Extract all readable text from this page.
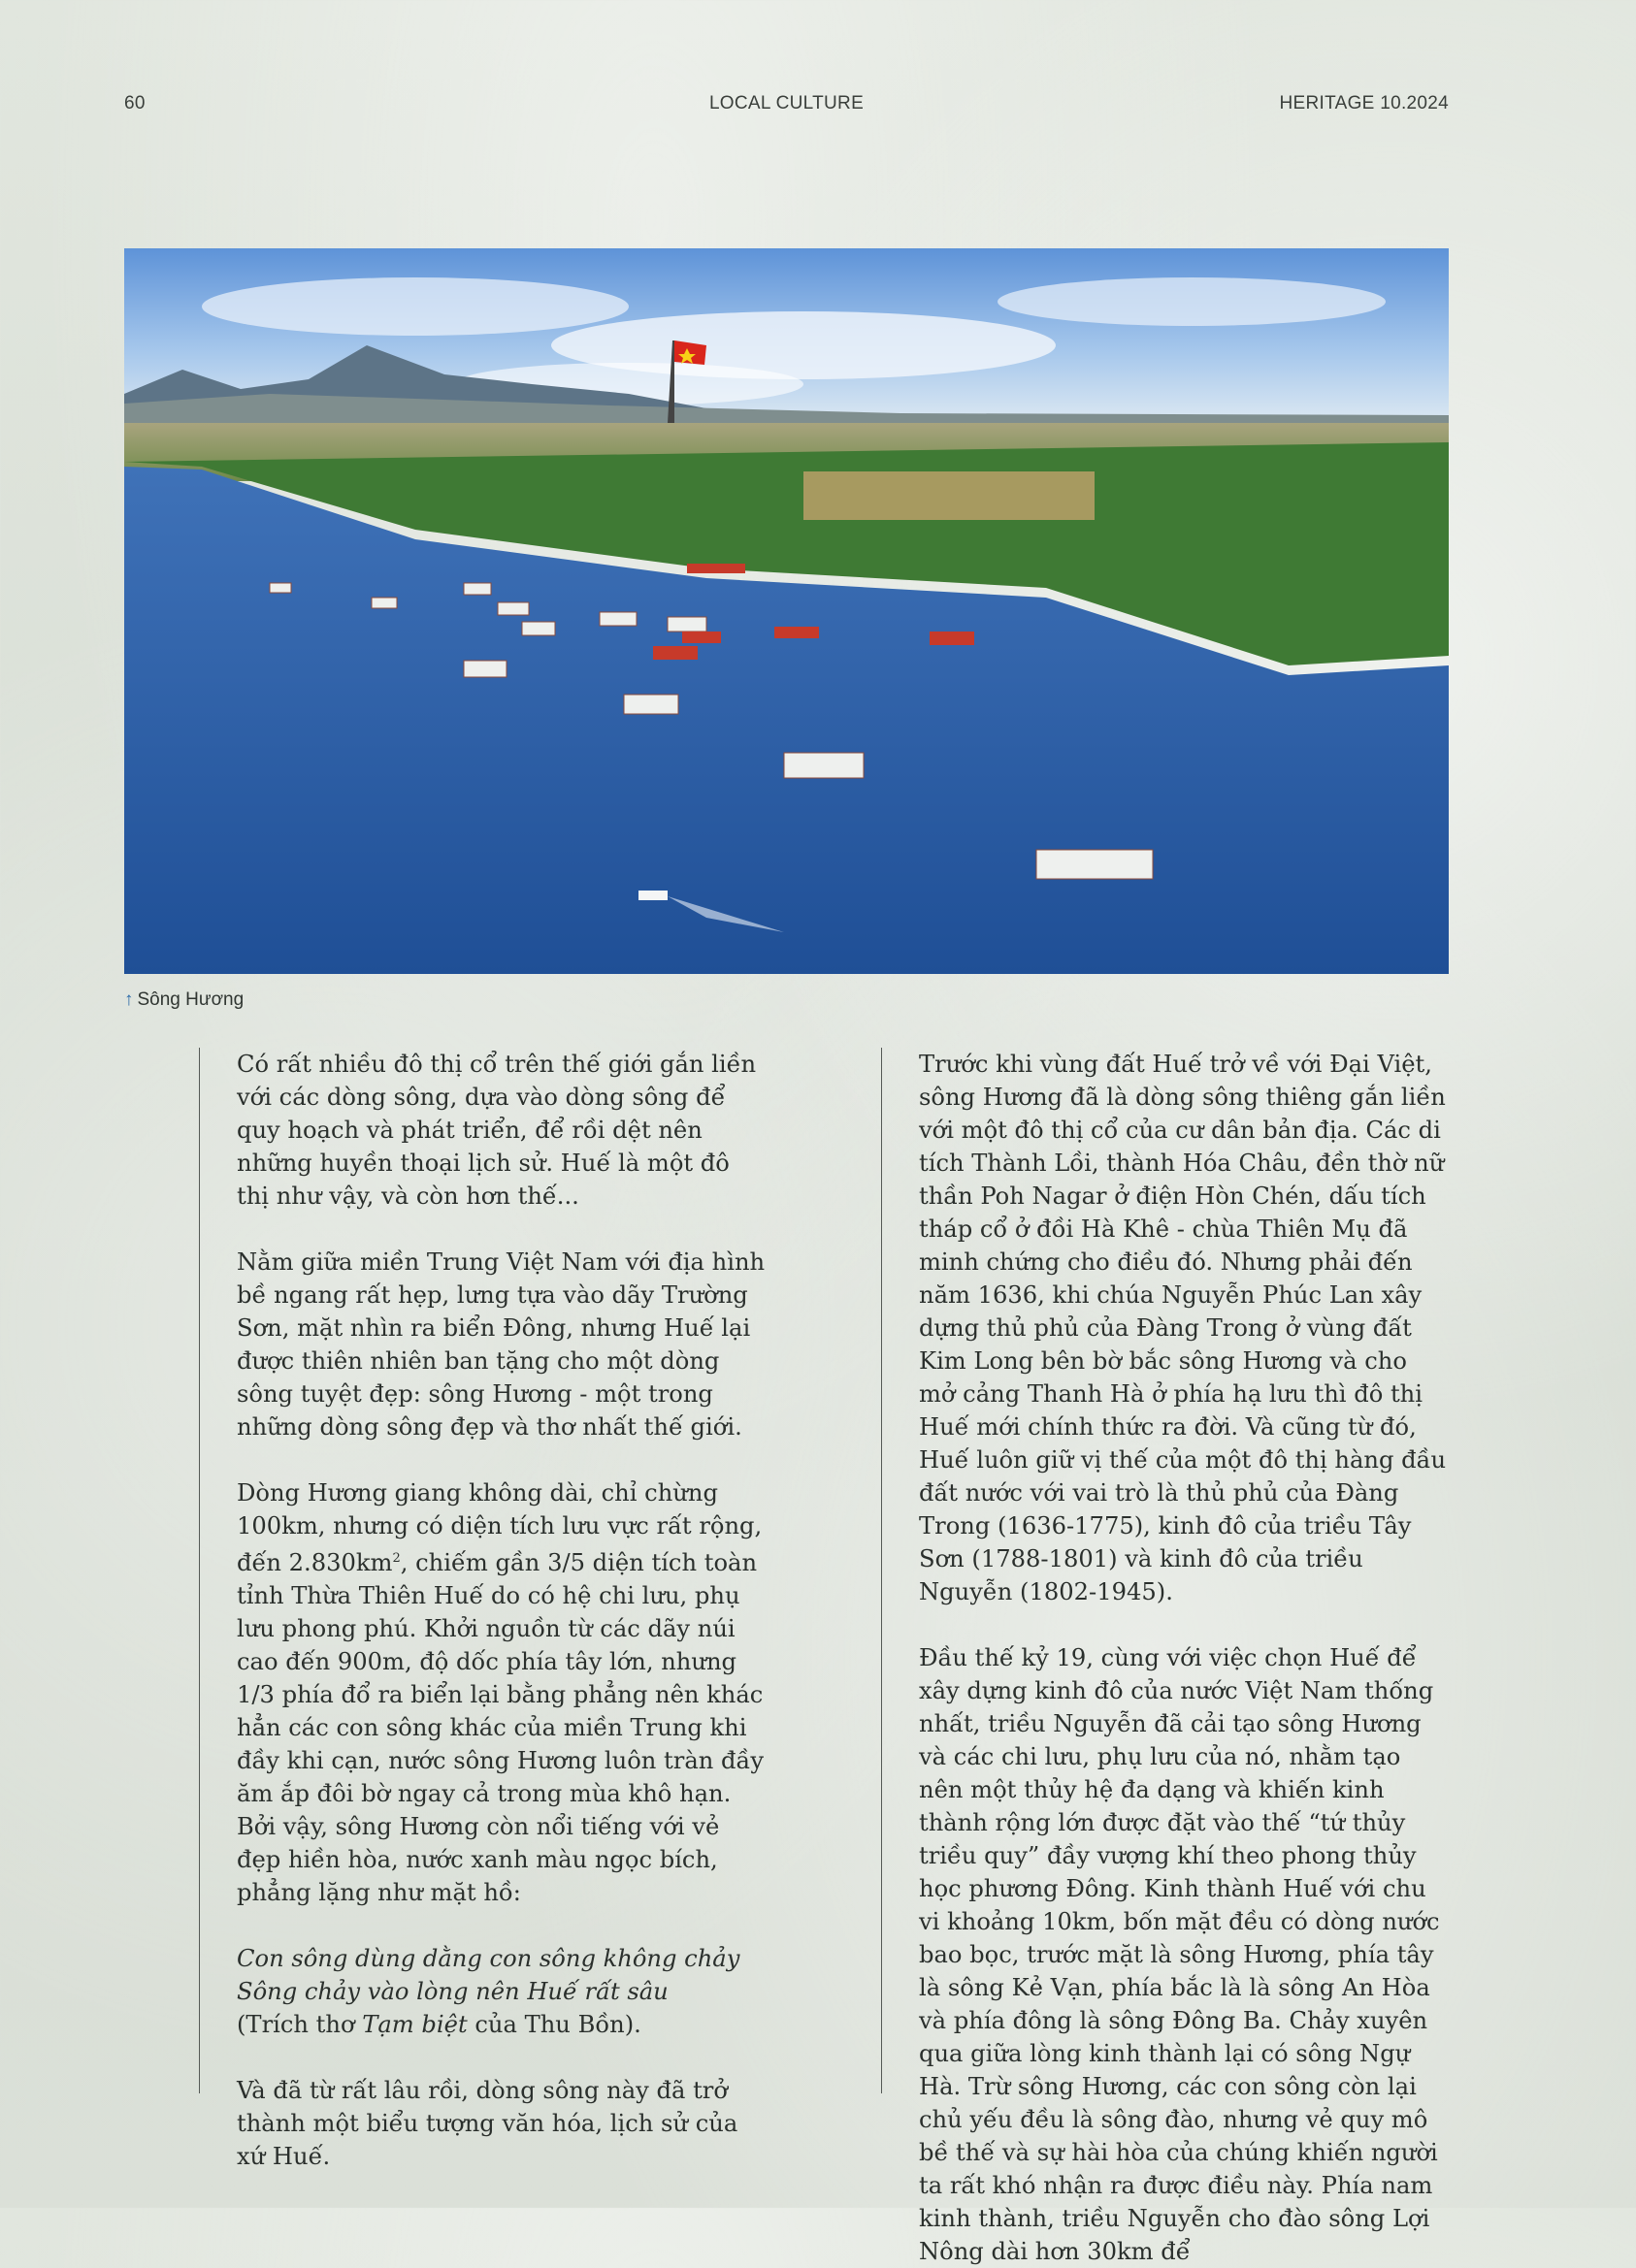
60	LOCAL CULTURE	HERITAGE 10.2024
↑ Sông Hương

Có rất nhiều đô thị cổ trên thế giới gắn liền với các dòng sông, dựa vào dòng sông để quy hoạch và phát triển, để rồi dệt nên những huyền thoại lịch sử. Huế là một đô thị như vậy, và còn hơn thế...

Nằm giữa miền Trung Việt Nam với địa hình bề ngang rất hẹp, lưng tựa vào dãy Trường Sơn, mặt nhìn ra biển Đông, nhưng Huế lại được thiên nhiên ban tặng cho một dòng sông tuyệt đẹp: sông Hương - một trong những dòng sông đẹp và thơ nhất thế giới.

Dòng Hương giang không dài, chỉ chừng 100km, nhưng có diện tích lưu vực rất rộng, đến $2.830km^2$, chiếm gần 3/5 diện tích toàn tỉnh Thừa Thiên Huế do có hệ chi lưu, phụ lưu phong phú. Khởi nguồn từ các dãy núi cao đến 900m, độ dốc phía tây lớn, nhưng 1/3 phía đổ ra biển lại bằng phẳng nên khác hẳn các con sông khác của miền Trung khi đầy khi cạn, nước sông Hương luôn tràn đầy ăm ắp đôi bờ ngay cả trong mùa khô hạn. Bởi vậy, sông Hương còn nổi tiếng với vẻ đẹp hiền hòa, nước xanh màu ngọc bích, phẳng lặng như mặt hồ:

Con sông dùng dằng con sông không chảy

Sông chảy vào lòng nên Huế rất sâu

(Trích thơ Tạm biệt của Thu Bồn).

Và đã từ rất lâu rồi, dòng sông này đã trở thành một biểu tượng văn hóa, lịch sử của xứ Huế.

Trước khi vùng đất Huế trở về với Đại Việt, sông Hương đã là dòng sông thiêng gắn liền với một đô thị cổ của cư dân bản địa. Các di tích Thành Lồi, thành Hóa Châu, đền thờ nữ thần Poh Nagar ở điện Hòn Chén, dấu tích tháp cổ ở đồi Hà Khê - chùa Thiên Mụ đã minh chứng cho điều đó. Nhưng phải đến năm 1636, khi chúa Nguyễn Phúc Lan xây dựng thủ phủ của Đàng Trong ở vùng đất Kim Long bên bờ bắc sông Hương và cho mở cảng Thanh Hà ở phía hạ lưu thì đô thị Huế mới chính thức ra đời. Và cũng từ đó, Huế luôn giữ vị thế của một đô thị hàng đầu đất nước với vai trò là thủ phủ của Đàng Trong (1636-1775), kinh đô của triều Tây Sơn (1788-1801) và kinh đô của triều Nguyễn (1802-1945).

Đầu thế kỷ 19, cùng với việc chọn Huế để xây dựng kinh đô của nước Việt Nam thống nhất, triều Nguyễn đã cải tạo sông Hương và các chi lưu, phụ lưu của nó, nhằm tạo nên một thủy hệ đa dạng và khiến kinh thành rộng lớn được đặt vào thế “tứ thủy triều quy” đầy vượng khí theo phong thủy học phương Đông. Kinh thành Huế với chu vi khoảng 10km, bốn mặt đều có dòng nước bao bọc, trước mặt là sông Hương, phía tây là sông Kẻ Vạn, phía bắc là là sông An Hòa và phía đông là sông Đông Ba. Chảy xuyên qua giữa lòng kinh thành lại có sông Ngự Hà. Trừ sông Hương, các con sông còn lại chủ yếu đều là sông đào, nhưng vẻ quy mô bề thế và sự hài hòa của chúng khiến người ta rất khó nhận ra được điều này. Phía nam kinh thành, triều Nguyễn cho đào sông Lợi Nông dài hơn 30km để
